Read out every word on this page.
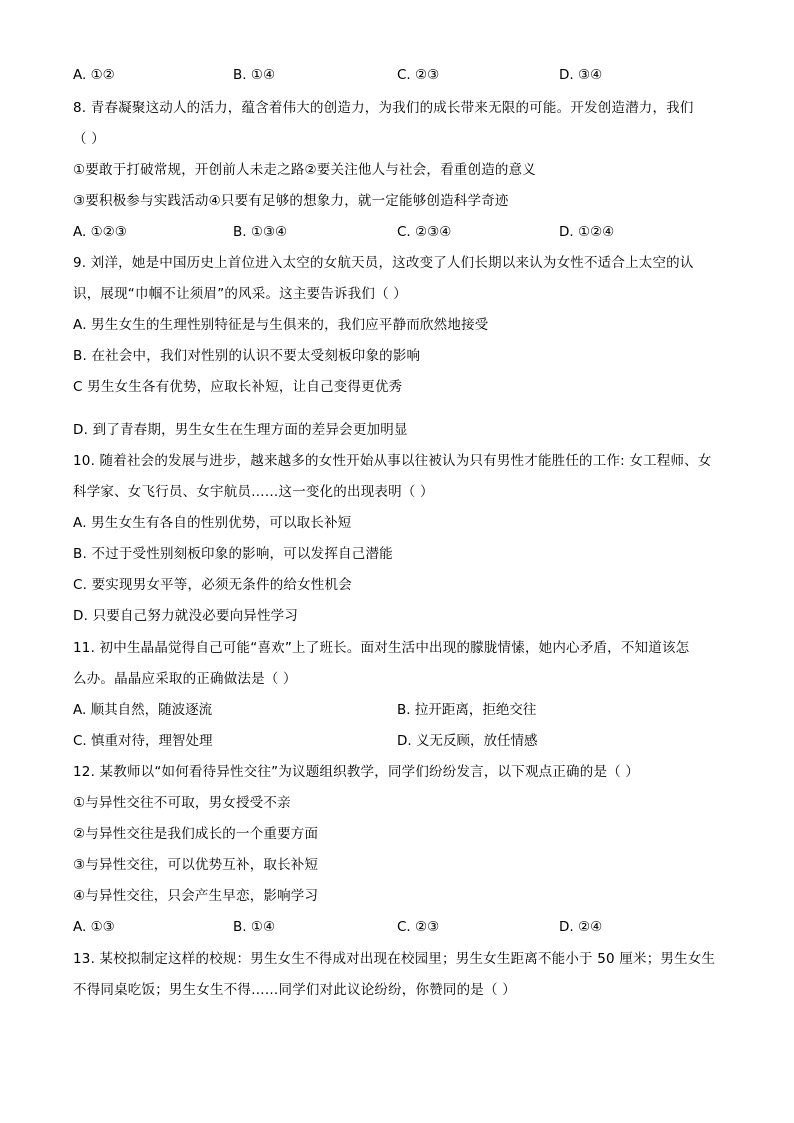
A. ①②	B. ①④	C. ②③	D. ③④
8. 青春凝聚这动人的活力，蕴含着伟大的创造力，为我们的成长带来无限的可能。开发创造潜力，我们
（ ）
①要敢于打破常规，开创前人未走之路②要关注他人与社会，看重创造的意义
③要积极参与实践活动④只要有足够的想象力，就一定能够创造科学奇迹
A. ①②③	B. ①③④	C. ②③④	D. ①②④
9. 刘洋，她是中国历史上首位进入太空的女航天员，这改变了人们长期以来认为女性不适合上太空的认
识，展现“巾帼不让须眉”的风采。这主要告诉我们（ ）
A. 男生女生的生理性别特征是与生俱来的，我们应平静而欣然地接受
B. 在社会中，我们对性别的认识不要太受刻板印象的影响
C 男生女生各有优势，应取长补短，让自己变得更优秀
D. 到了青春期，男生女生在生理方面的差异会更加明显
10. 随着社会的发展与进步，越来越多的女性开始从事以往被认为只有男性才能胜任的工作: 女工程师、女
科学家、女飞行员、女宇航员……这一变化的出现表明（ ）
A. 男生女生有各自的性别优势，可以取长补短
B. 不过于受性别刻板印象的影响，可以发挥自己潜能
C. 要实现男女平等，必须无条件的给女性机会
D. 只要自己努力就没必要向异性学习
11. 初中生晶晶觉得自己可能“喜欢”上了班长。面对生活中出现的朦胧情愫，她内心矛盾，不知道该怎
么办。晶晶应采取的正确做法是（ ）
A. 顺其自然，随波逐流	B. 拉开距离，拒绝交往
C. 慎重对待，理智处理	D. 义无反顾，放任情感
12. 某教师以“如何看待异性交往”为议题组织教学，同学们纷纷发言，以下观点正确的是（ ）
①与异性交往不可取，男女授受不亲
②与异性交往是我们成长的一个重要方面
③与异性交往，可以优势互补，取长补短
④与异性交往，只会产生早恋，影响学习
A. ①③	B. ①④	C. ②③	D. ②④
13. 某校拟制定这样的校规：男生女生不得成对出现在校园里；男生女生距离不能小于 50 厘米；男生女生
不得同桌吃饭；男生女生不得……同学们对此议论纷纷，你赞同的是（ ）
